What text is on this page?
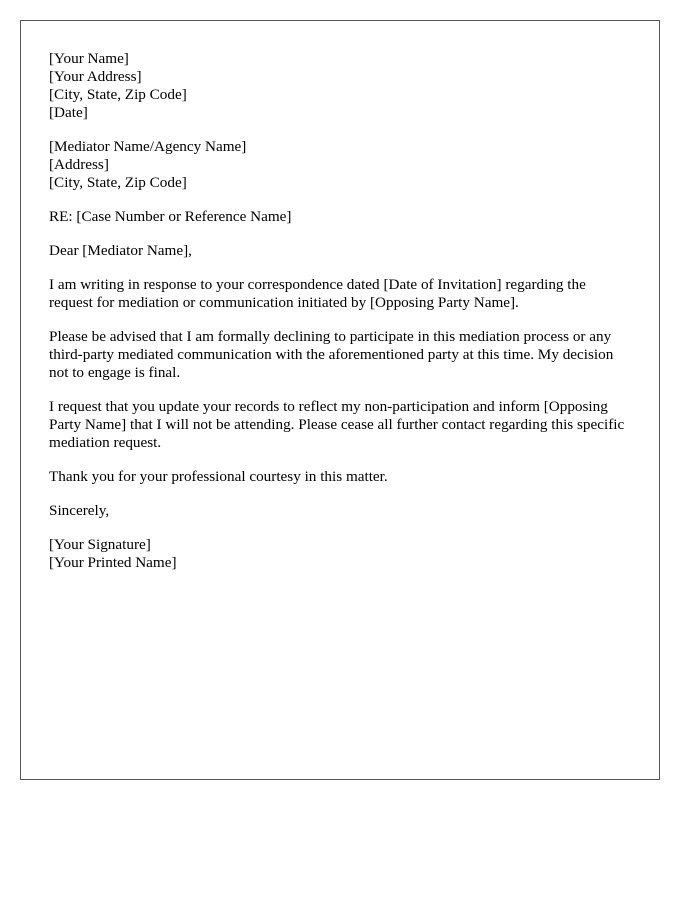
[Your Name]
[Your Address]
[City, State, Zip Code]
[Date]
[Mediator Name/Agency Name]
[Address]
[City, State, Zip Code]
RE: [Case Number or Reference Name]
Dear [Mediator Name],

I am writing in response to your correspondence dated [Date of Invitation] regarding the request for mediation or communication initiated by [Opposing Party Name].

Please be advised that I am formally declining to participate in this mediation process or any third-party mediated communication with the aforementioned party at this time. My decision not to engage is final.

I request that you update your records to reflect my non-participation and inform [Opposing Party Name] that I will not be attending. Please cease all further contact regarding this specific mediation request.

Thank you for your professional courtesy in this matter.

Sincerely,
[Your Signature]
[Your Printed Name]
